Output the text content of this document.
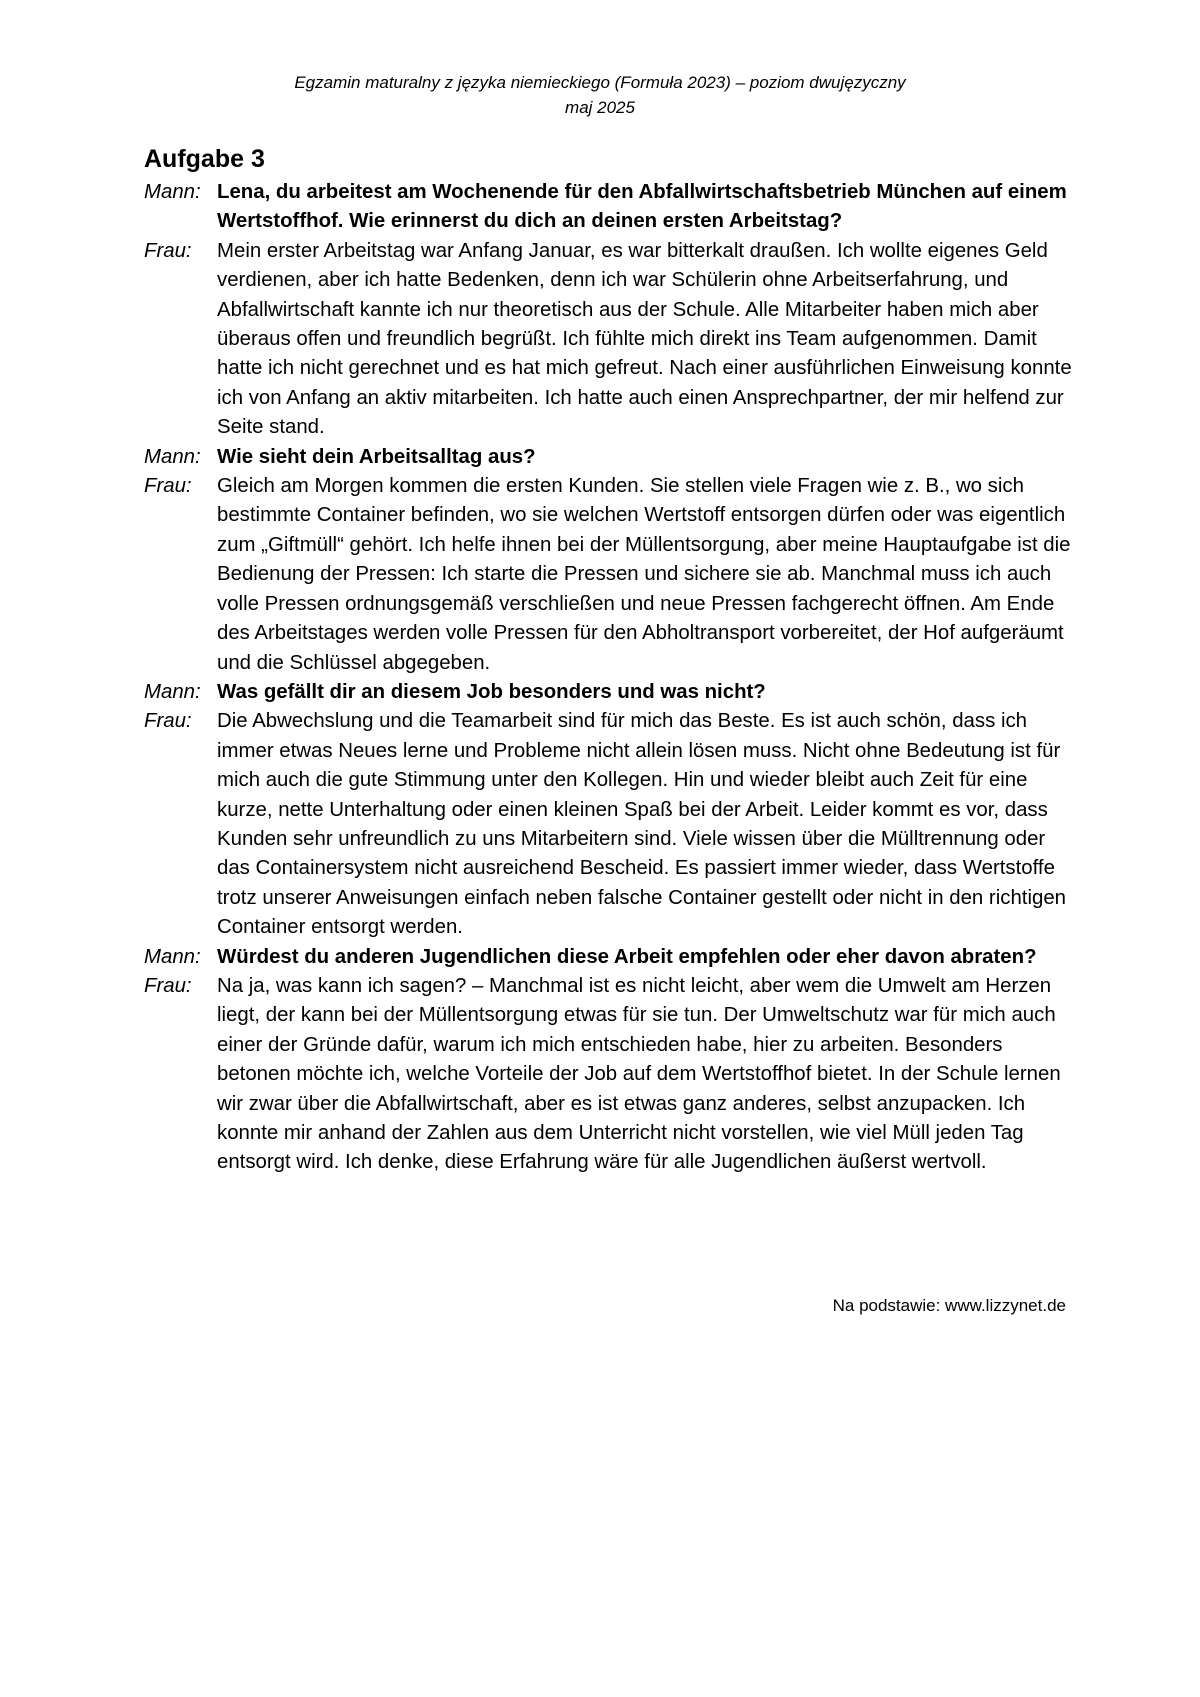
Egzamin maturalny z języka niemieckiego (Formuła 2023) – poziom dwujęzyczny
maj 2025
Aufgabe 3
Mann: Lena, du arbeitest am Wochenende für den Abfallwirtschaftsbetrieb München auf einem Wertstoffhof. Wie erinnerst du dich an deinen ersten Arbeitstag?
Frau:	Mein erster Arbeitstag war Anfang Januar, es war bitterkalt draußen. Ich wollte eigenes Geld verdienen, aber ich hatte Bedenken, denn ich war Schülerin ohne Arbeitserfahrung, und Abfallwirtschaft kannte ich nur theoretisch aus der Schule. Alle Mitarbeiter haben mich aber überaus offen und freundlich begrüßt. Ich fühlte mich direkt ins Team aufgenommen. Damit hatte ich nicht gerechnet und es hat mich gefreut. Nach einer ausführlichen Einweisung konnte ich von Anfang an aktiv mitarbeiten. Ich hatte auch einen Ansprechpartner, der mir helfend zur Seite stand.
Mann: Wie sieht dein Arbeitsalltag aus?
Frau:	Gleich am Morgen kommen die ersten Kunden. Sie stellen viele Fragen wie z. B., wo sich bestimmte Container befinden, wo sie welchen Wertstoff entsorgen dürfen oder was eigentlich zum „Giftmüll“ gehört. Ich helfe ihnen bei der Müllentsorgung, aber meine Hauptaufgabe ist die Bedienung der Pressen: Ich starte die Pressen und sichere sie ab. Manchmal muss ich auch volle Pressen ordnungsgemäß verschließen und neue Pressen fachgerecht öffnen. Am Ende des Arbeitstages werden volle Pressen für den Abholtransport vorbereitet, der Hof aufgeräumt und die Schlüssel abgegeben.
Mann: Was gefällt dir an diesem Job besonders und was nicht?
Frau:	Die Abwechslung und die Teamarbeit sind für mich das Beste. Es ist auch schön, dass ich immer etwas Neues lerne und Probleme nicht allein lösen muss. Nicht ohne Bedeutung ist für mich auch die gute Stimmung unter den Kollegen. Hin und wieder bleibt auch Zeit für eine kurze, nette Unterhaltung oder einen kleinen Spaß bei der Arbeit. Leider kommt es vor, dass Kunden sehr unfreundlich zu uns Mitarbeitern sind. Viele wissen über die Mülltrennung oder das Containersystem nicht ausreichend Bescheid. Es passiert immer wieder, dass Wertstoffe trotz unserer Anweisungen einfach neben falsche Container gestellt oder nicht in den richtigen Container entsorgt werden.
Mann: Würdest du anderen Jugendlichen diese Arbeit empfehlen oder eher davon abraten?
Frau:	Na ja, was kann ich sagen? – Manchmal ist es nicht leicht, aber wem die Umwelt am Herzen liegt, der kann bei der Müllentsorgung etwas für sie tun. Der Umweltschutz war für mich auch einer der Gründe dafür, warum ich mich entschieden habe, hier zu arbeiten. Besonders betonen möchte ich, welche Vorteile der Job auf dem Wertstoffhof bietet. In der Schule lernen wir zwar über die Abfallwirtschaft, aber es ist etwas ganz anderes, selbst anzupacken. Ich konnte mir anhand der Zahlen aus dem Unterricht nicht vorstellen, wie viel Müll jeden Tag entsorgt wird. Ich denke, diese Erfahrung wäre für alle Jugendlichen äußerst wertvoll.
Na podstawie: www.lizzynet.de
